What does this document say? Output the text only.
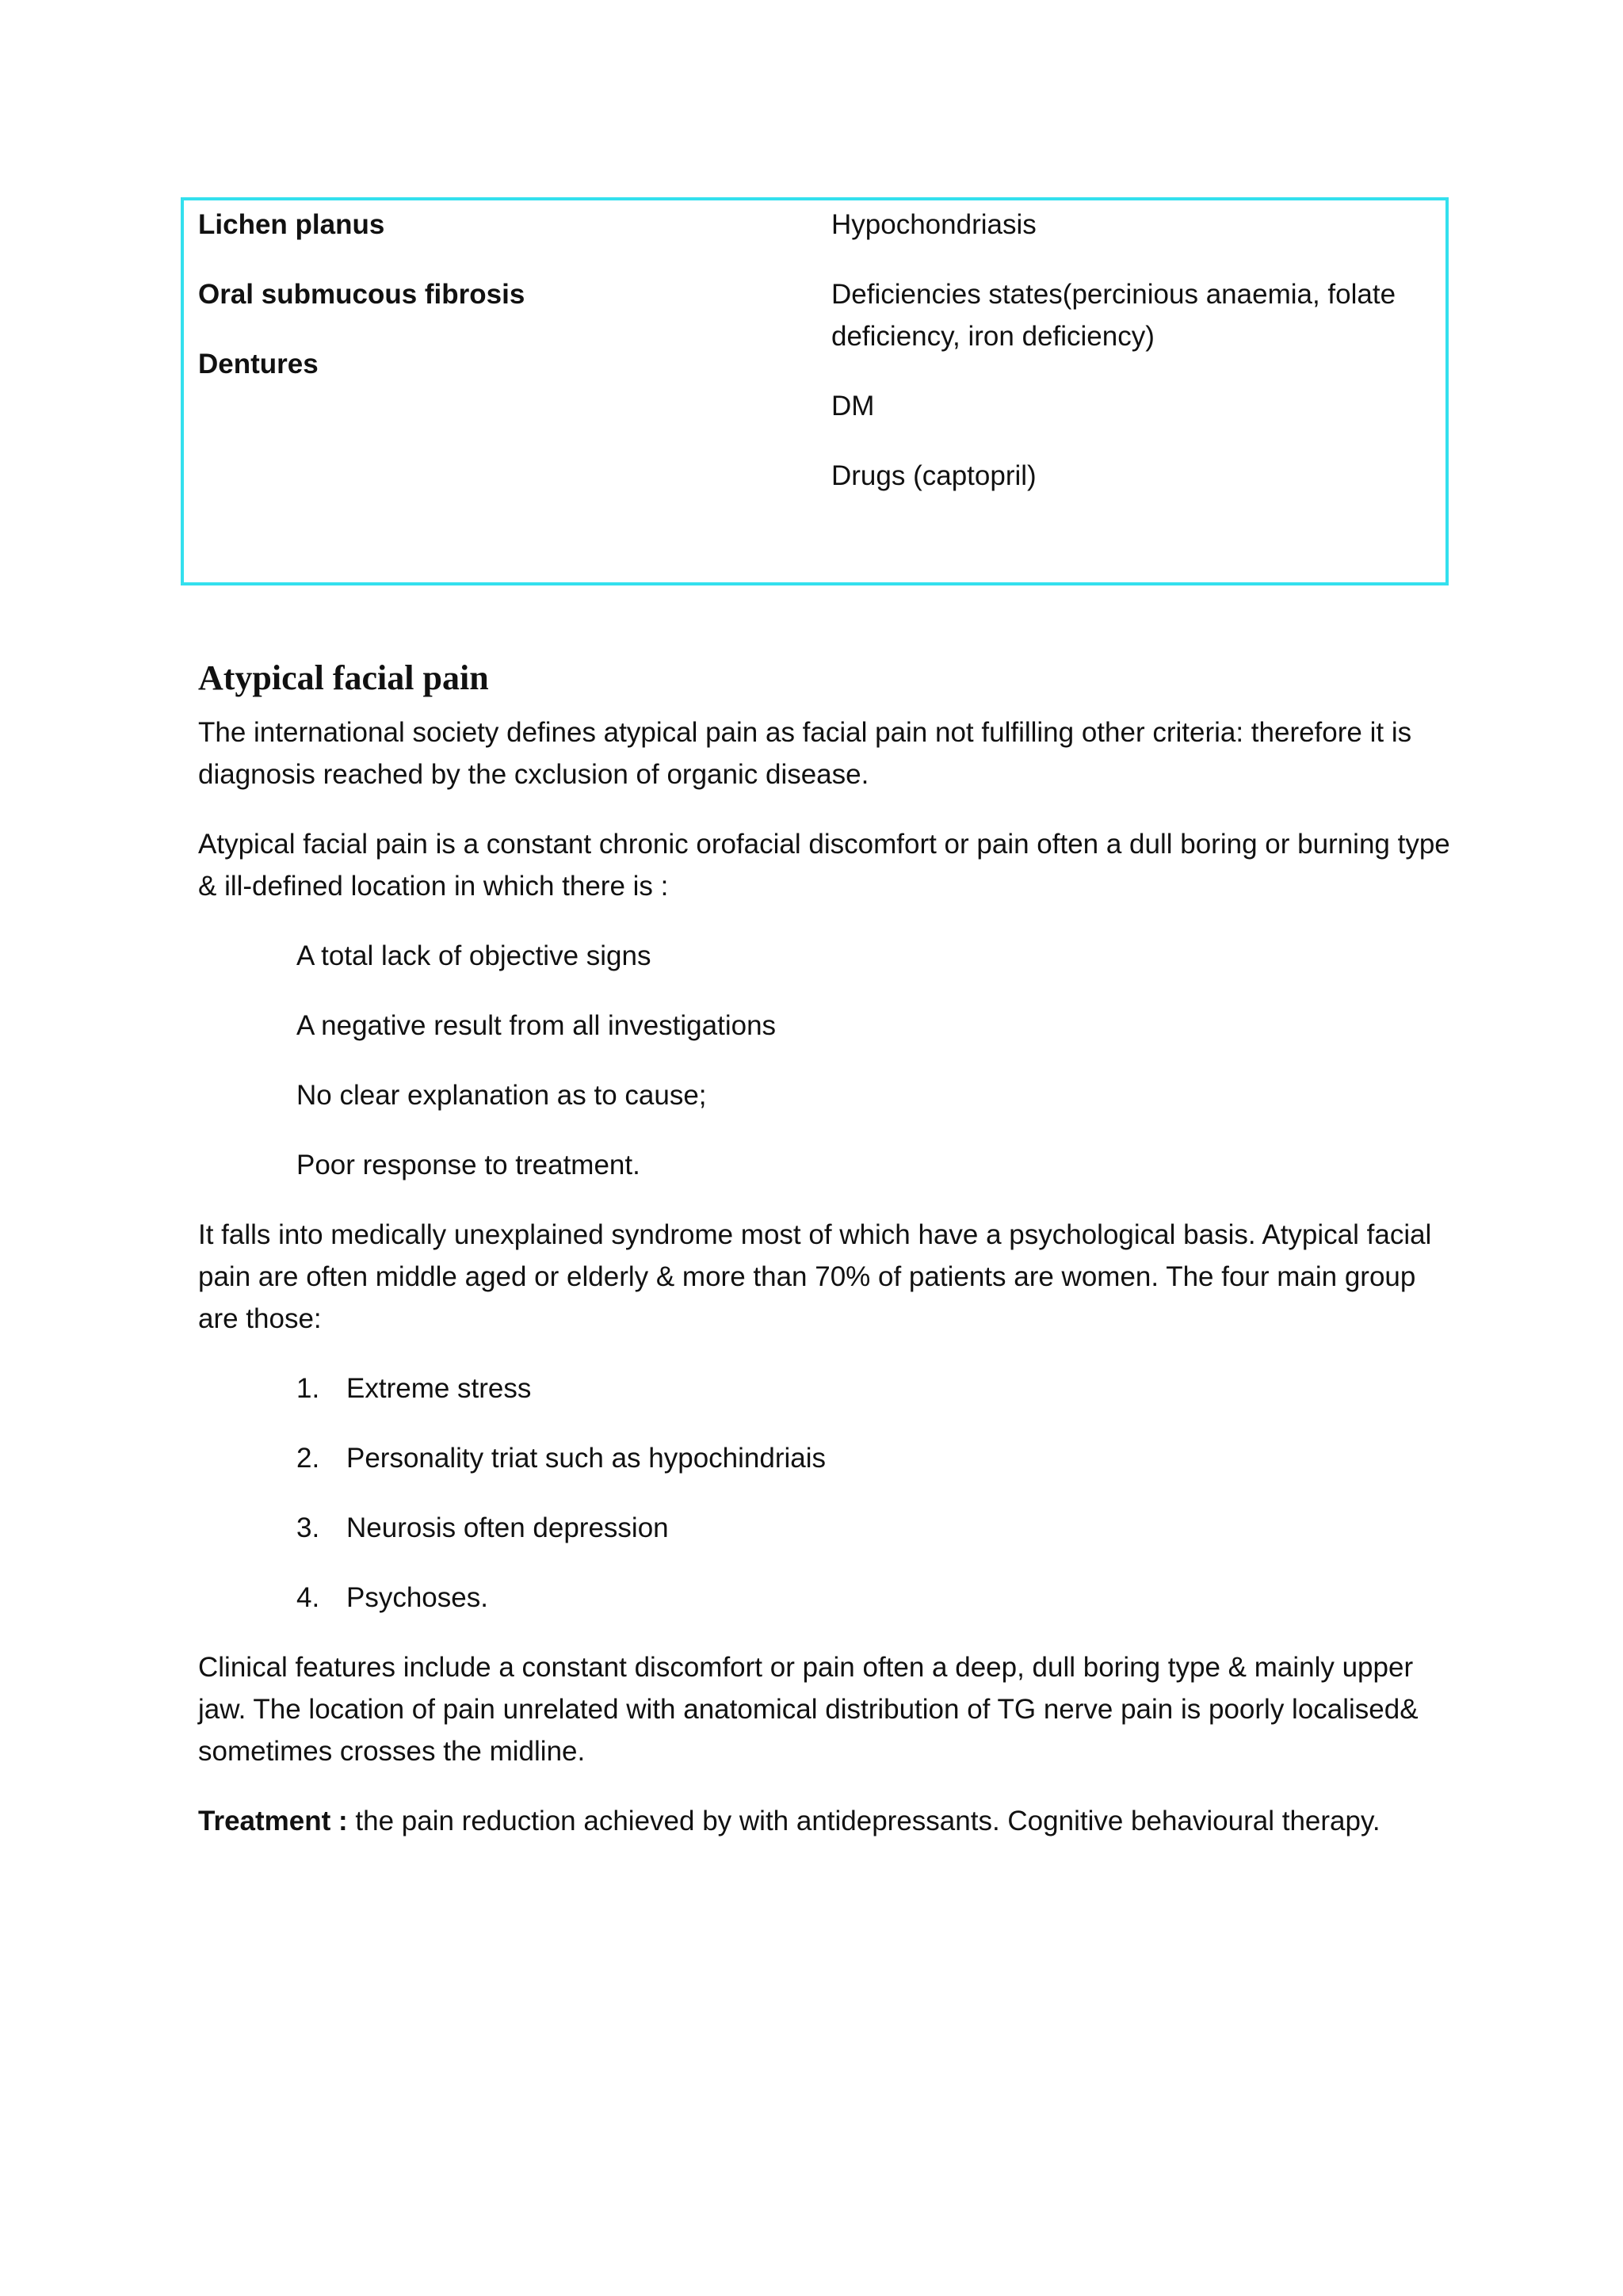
Lichen planus

Oral submucous fibrosis

Dentures

Hypochondriasis

Deficiencies states(percinious anaemia, folate deficiency, iron deficiency)

DM

Drugs (captopril)

Atypical facial pain

The international society defines atypical pain as facial pain not fulfilling other criteria: therefore it is diagnosis reached by the cxclusion of organic disease.

Atypical facial pain is a constant chronic orofacial discomfort or pain often a dull boring or burning type & ill-defined location in which there is :

A total lack of objective signs

A negative result from all investigations

No clear explanation as to cause;

Poor response to treatment.

It falls into medically unexplained syndrome most of which have a psychological basis. Atypical facial pain are often middle aged or elderly & more than 70% of patients are women. The four main group are those:

1. Extreme stress

2. Personality triat such as hypochindriais

3. Neurosis often depression

4. Psychoses.

Clinical features include a constant discomfort or pain often a deep, dull boring type & mainly upper jaw. The location of pain unrelated with anatomical distribution of TG nerve pain is poorly localised& sometimes crosses the midline.

Treatment : the pain reduction achieved by with antidepressants. Cognitive behavioural therapy.
